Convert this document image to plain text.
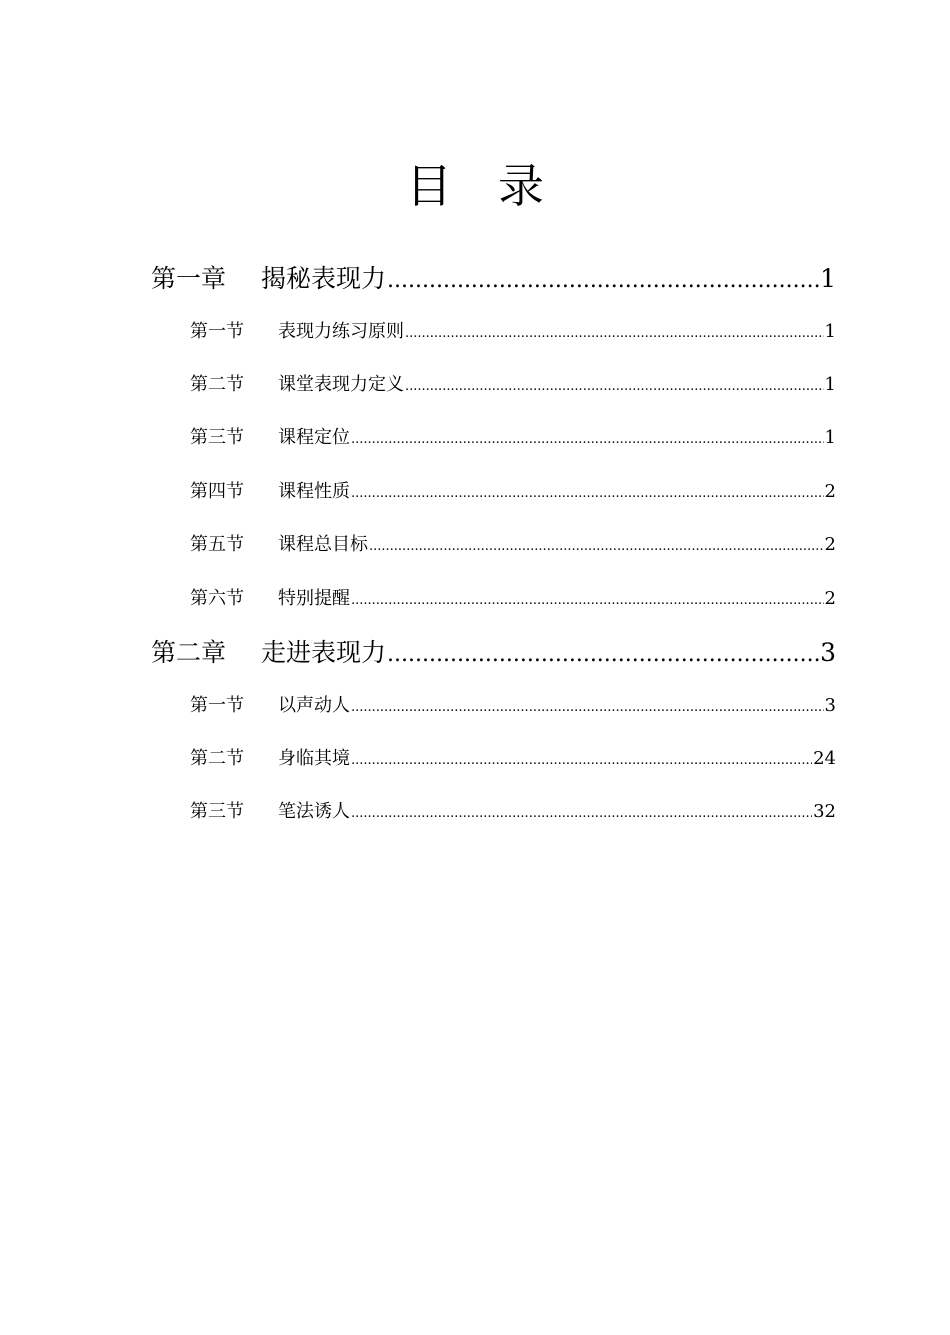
目 录
第一章	揭秘表现力 .....	1
第一节	表现力练习原则 .....	1
第二节	课堂表现力定义 .....	1
第三节	课程定位 .....	1
第四节	课程性质 .....	2
第五节	课程总目标 .....	2
第六节	特别提醒 .....	2
第二章	走进表现力 .....	3
第一节	以声动人 .....	3
第二节	身临其境 .....	24
第三节	笔法诱人 .....	32
